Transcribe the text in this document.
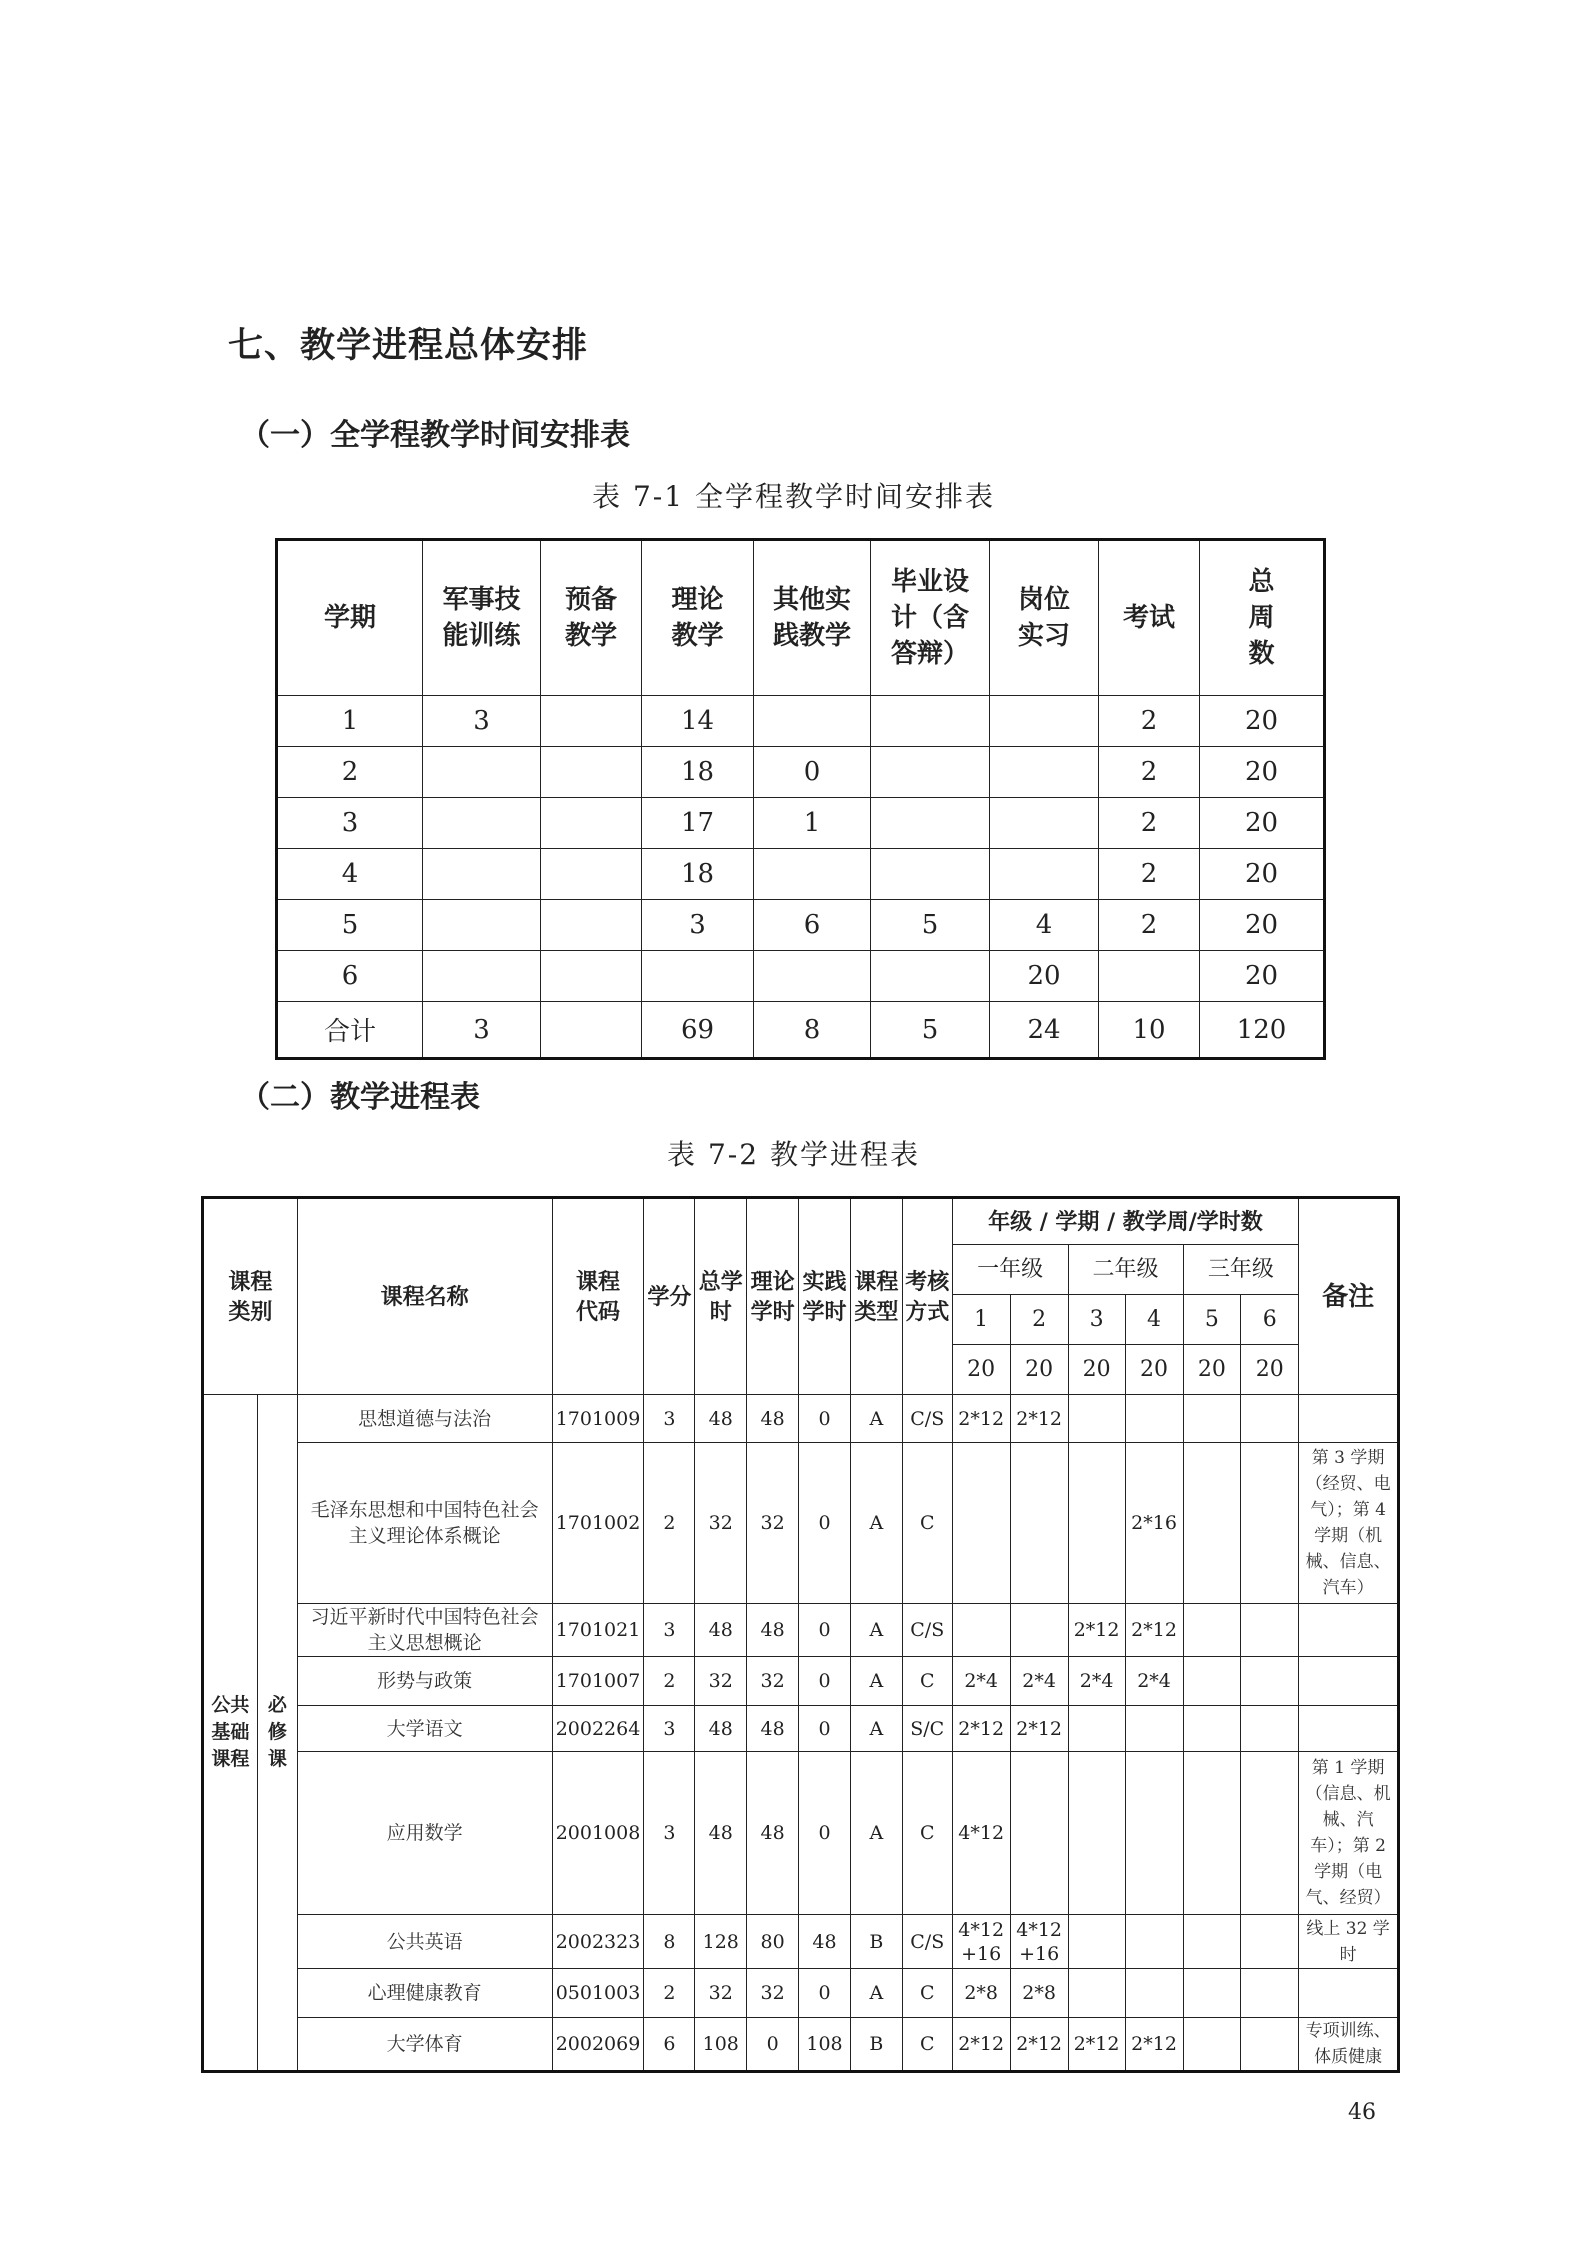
七、教学进程总体安排
（一）全学程教学时间安排表
表 7-1 全学程教学时间安排表
学期	军事技能训练	预备教学	理论教学	其他实践教学	毕业设计（含答辩）	岗位实习	考试	总周数
1	3		14				2	20
2			18	0			2	20
3			17	1			2	20
4			18				2	20
5			3	6	5	4	2	20
6						20		20
合计	3		69	8	5	24	10	120
（二）教学进程表
表 7-2 教学进程表
课程类别		课程名称	课程代码	学分	总学时	理论学时	实践学时	课程类型	考核方式	年级 / 学期 / 教学周/学时数						备注
										一年级		二年级		三年级		
										1	2	3	4	5	6	
										20	20	20	20	20	20	
公共基础课程	必修课	思想道德与法治	1701009	3	48	48	0	A	C/S	2*12	2*12					
		毛泽东思想和中国特色社会主义理论体系概论	1701002	2	32	32	0	A	C				2*16			第 3 学期（经贸、电气）；第 4 学期（机械、信息、汽车）
		习近平新时代中国特色社会主义思想概论	1701021	3	48	48	0	A	C/S			2*12	2*12			
		形势与政策	1701007	2	32	32	0	A	C	2*4	2*4	2*4	2*4			
		大学语文	2002264	3	48	48	0	A	S/C	2*12	2*12					
		应用数学	2001008	3	48	48	0	A	C	4*12						第 1 学期（信息、机械、汽车）；第 2 学期（电气、经贸）
		公共英语	2002323	8	128	80	48	B	C/S	4*12 +16	4*12 +16					线上 32 学时
		心理健康教育	0501003	2	32	32	0	A	C	2*8	2*8					
		大学体育	2002069	6	108	0	108	B	C	2*12	2*12	2*12	2*12			专项训练、体质健康
46
